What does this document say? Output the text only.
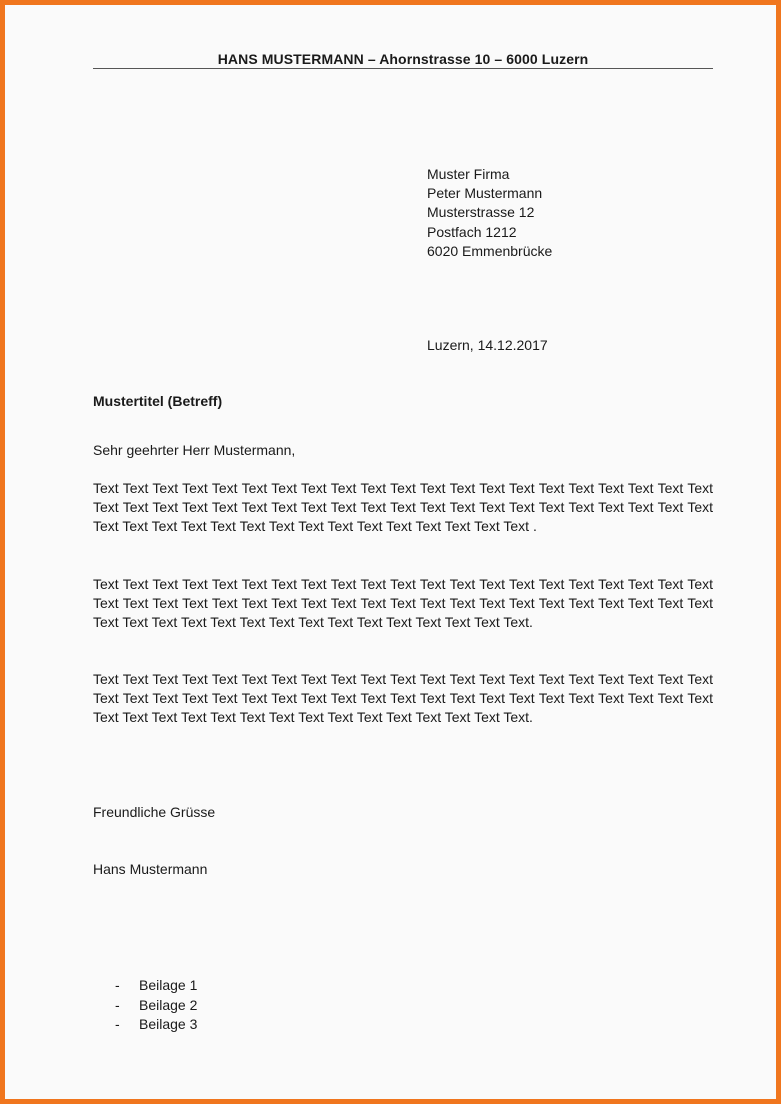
HANS MUSTERMANN – Ahornstrasse 10 – 6000 Luzern
Muster Firma
Peter Mustermann
Musterstrasse 12
Postfach 1212
6020 Emmenbrücke
Luzern, 14.12.2017
Mustertitel (Betreff)
Sehr geehrter Herr Mustermann,
Text Text Text Text Text Text Text Text Text Text Text Text Text Text Text Text Text Text Text Text Text Text Text Text Text Text Text Text Text Text Text Text Text Text Text Text Text Text Text Text Text Text Text Text Text Text Text Text Text Text Text Text Text Text Text Text Text .
Text Text Text Text Text Text Text Text Text Text Text Text Text Text Text Text Text Text Text Text Text Text Text Text Text Text Text Text Text Text Text Text Text Text Text Text Text Text Text Text Text Text Text Text Text Text Text Text Text Text Text Text Text Text Text Text Text.
Text Text Text Text Text Text Text Text Text Text Text Text Text Text Text Text Text Text Text Text Text Text Text Text Text Text Text Text Text Text Text Text Text Text Text Text Text Text Text Text Text Text Text Text Text Text Text Text Text Text Text Text Text Text Text Text Text.
Freundliche Grüsse
Hans Mustermann
-	Beilage 1
-	Beilage 2
-	Beilage 3
